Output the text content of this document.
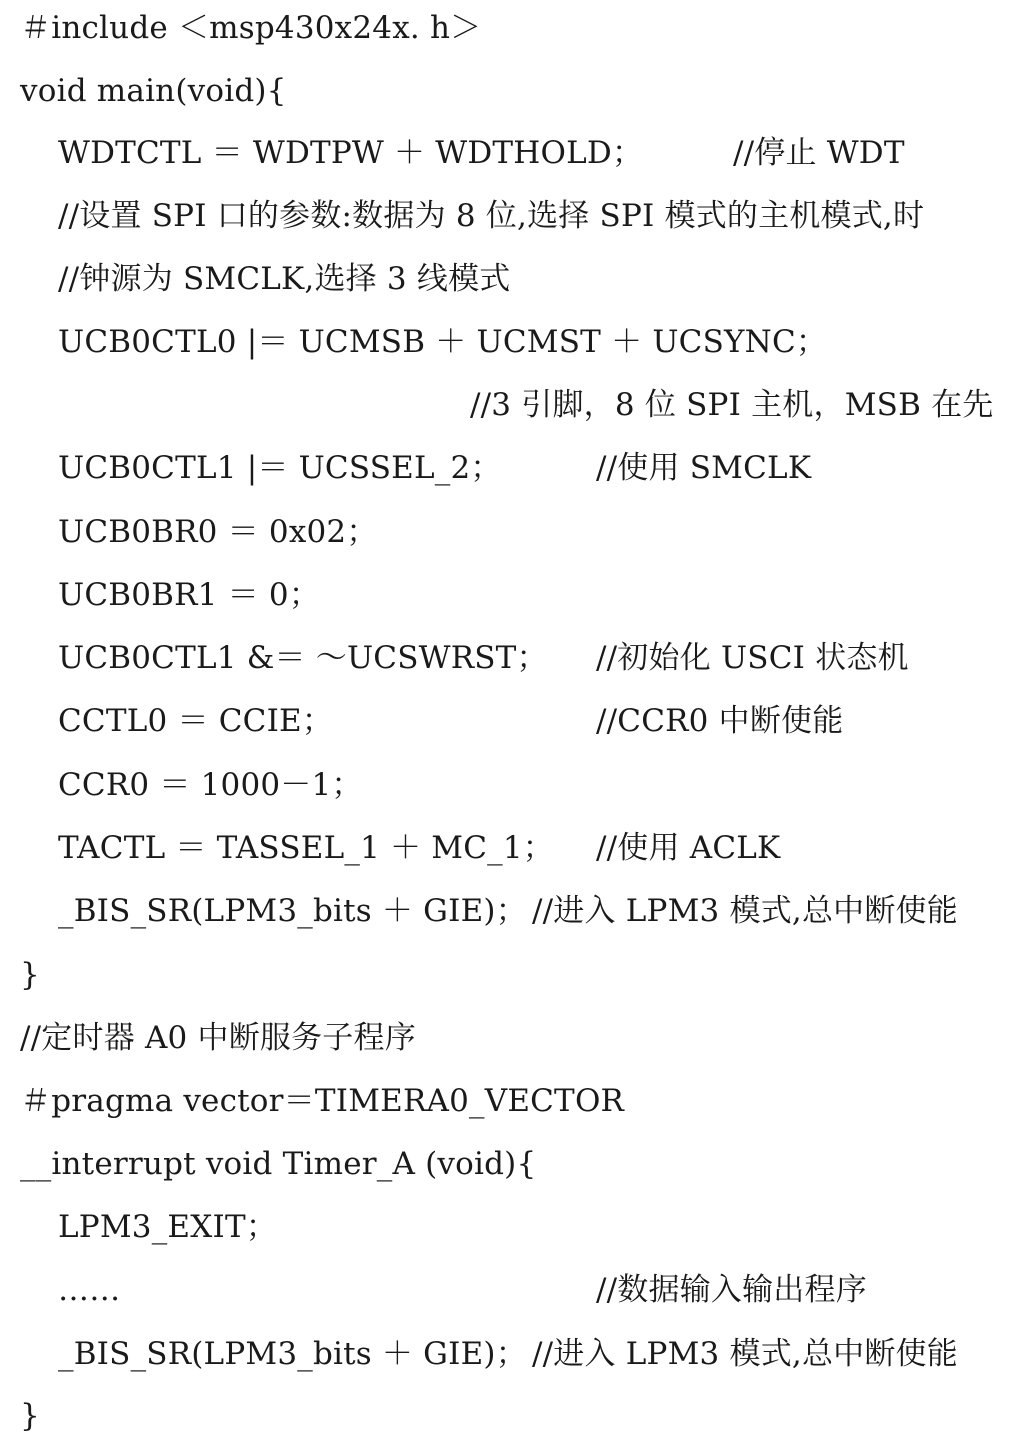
＃include ＜msp430x24x. h＞
void main(void){
WDTCTL ＝ WDTPW ＋ WDTHOLD；	//停止 WDT
//设置 SPI 口的参数:数据为 8 位,选择 SPI 模式的主机模式,时
//钟源为 SMCLK,选择 3 线模式
UCB0CTL0 |＝ UCMSB ＋ UCMST ＋ UCSYNC；
//3 引脚，8 位 SPI 主机，MSB 在先
UCB0CTL1 |＝ UCSSEL_2；	//使用 SMCLK
UCB0BR0 ＝ 0x02；
UCB0BR1 ＝ 0；
UCB0CTL1 &＝ ～UCSWRST； //初始化 USCI 状态机
CCTL0 ＝ CCIE；	//CCR0 中断使能
CCR0 ＝ 1000－1；
TACTL ＝ TASSEL_1 ＋ MC_1； //使用 ACLK
_BIS_SR(LPM3_bits ＋ GIE)； //进入 LPM3 模式,总中断使能
}
//定时器 A0 中断服务子程序
＃pragma vector＝TIMERA0_VECTOR
__interrupt void Timer_A (void){
LPM3_EXIT；
……	//数据输入输出程序
_BIS_SR(LPM3_bits ＋ GIE)； //进入 LPM3 模式,总中断使能
}
